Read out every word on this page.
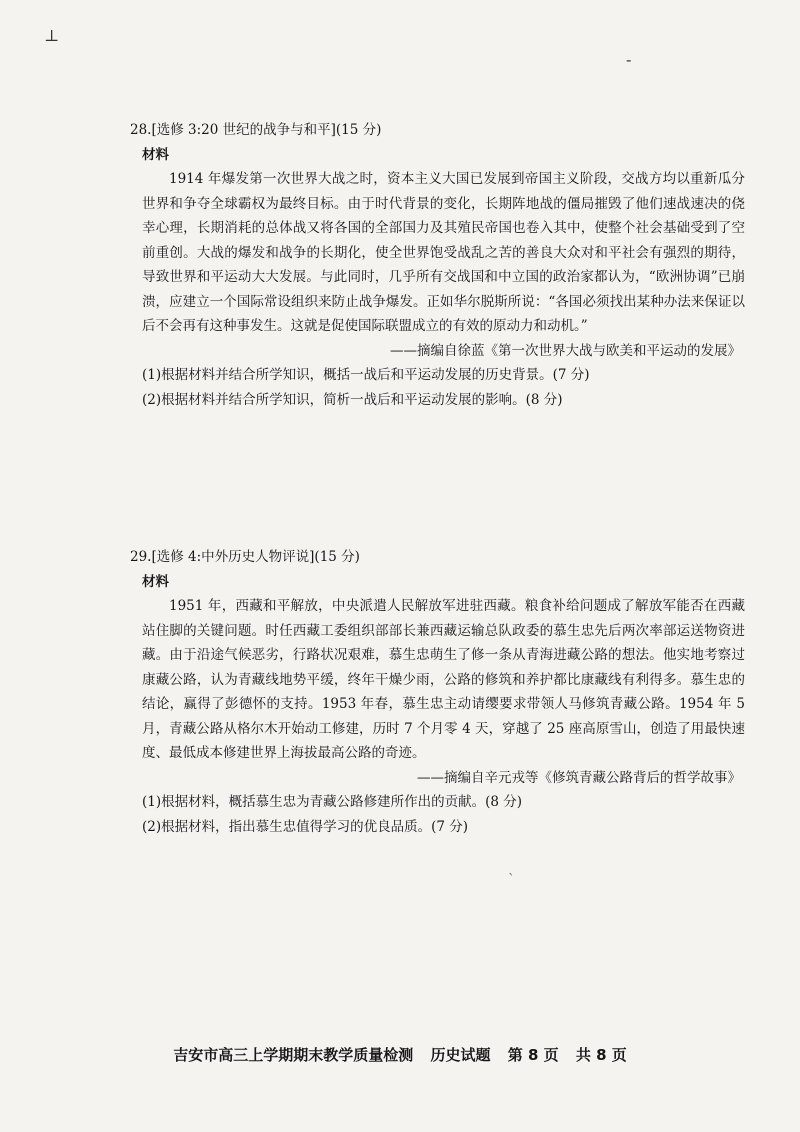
⊥
-
28.[选修 3:20 世纪的战争与和平](15 分)
材料

1914 年爆发第一次世界大战之时，资本主义大国已发展到帝国主义阶段，交战方均以重新瓜分世界和争夺全球霸权为最终目标。由于时代背景的变化，长期阵地战的僵局摧毁了他们速战速决的侥幸心理，长期消耗的总体战又将各国的全部国力及其殖民帝国也卷入其中，使整个社会基础受到了空前重创。大战的爆发和战争的长期化，使全世界饱受战乱之苦的善良大众对和平社会有强烈的期待，导致世界和平运动大大发展。与此同时，几乎所有交战国和中立国的政治家都认为，“欧洲协调”已崩溃，应建立一个国际常设组织来防止战争爆发。正如华尔脱斯所说：“各国必须找出某种办法来保证以后不会再有这种事发生。这就是促使国际联盟成立的有效的原动力和动机。”

——摘编自徐蓝《第一次世界大战与欧美和平运动的发展》
(1)根据材料并结合所学知识，概括一战后和平运动发展的历史背景。(7 分)
(2)根据材料并结合所学知识，简析一战后和平运动发展的影响。(8 分)
29.[选修 4:中外历史人物评说](15 分)
材料

1951 年，西藏和平解放，中央派遣人民解放军进驻西藏。粮食补给问题成了解放军能否在西藏站住脚的关键问题。时任西藏工委组织部部长兼西藏运输总队政委的慕生忠先后两次率部运送物资进藏。由于沿途气候恶劣，行路状况艰难，慕生忠萌生了修一条从青海进藏公路的想法。他实地考察过康藏公路，认为青藏线地势平缓，终年干燥少雨，公路的修筑和养护都比康藏线有利得多。慕生忠的结论，赢得了彭德怀的支持。1953 年春，慕生忠主动请缨要求带领人马修筑青藏公路。1954 年 5 月，青藏公路从格尔木开始动工修建，历时 7 个月零 4 天，穿越了 25 座高原雪山，创造了用最快速度、最低成本修建世界上海拔最高公路的奇迹。

——摘编自辛元戎等《修筑青藏公路背后的哲学故事》
(1)根据材料，概括慕生忠为青藏公路修建所作出的贡献。(8 分)
(2)根据材料，指出慕生忠值得学习的优良品质。(7 分)
ˋ
吉安市高三上学期期末教学质量检测 历史试题 第 8 页 共 8 页
